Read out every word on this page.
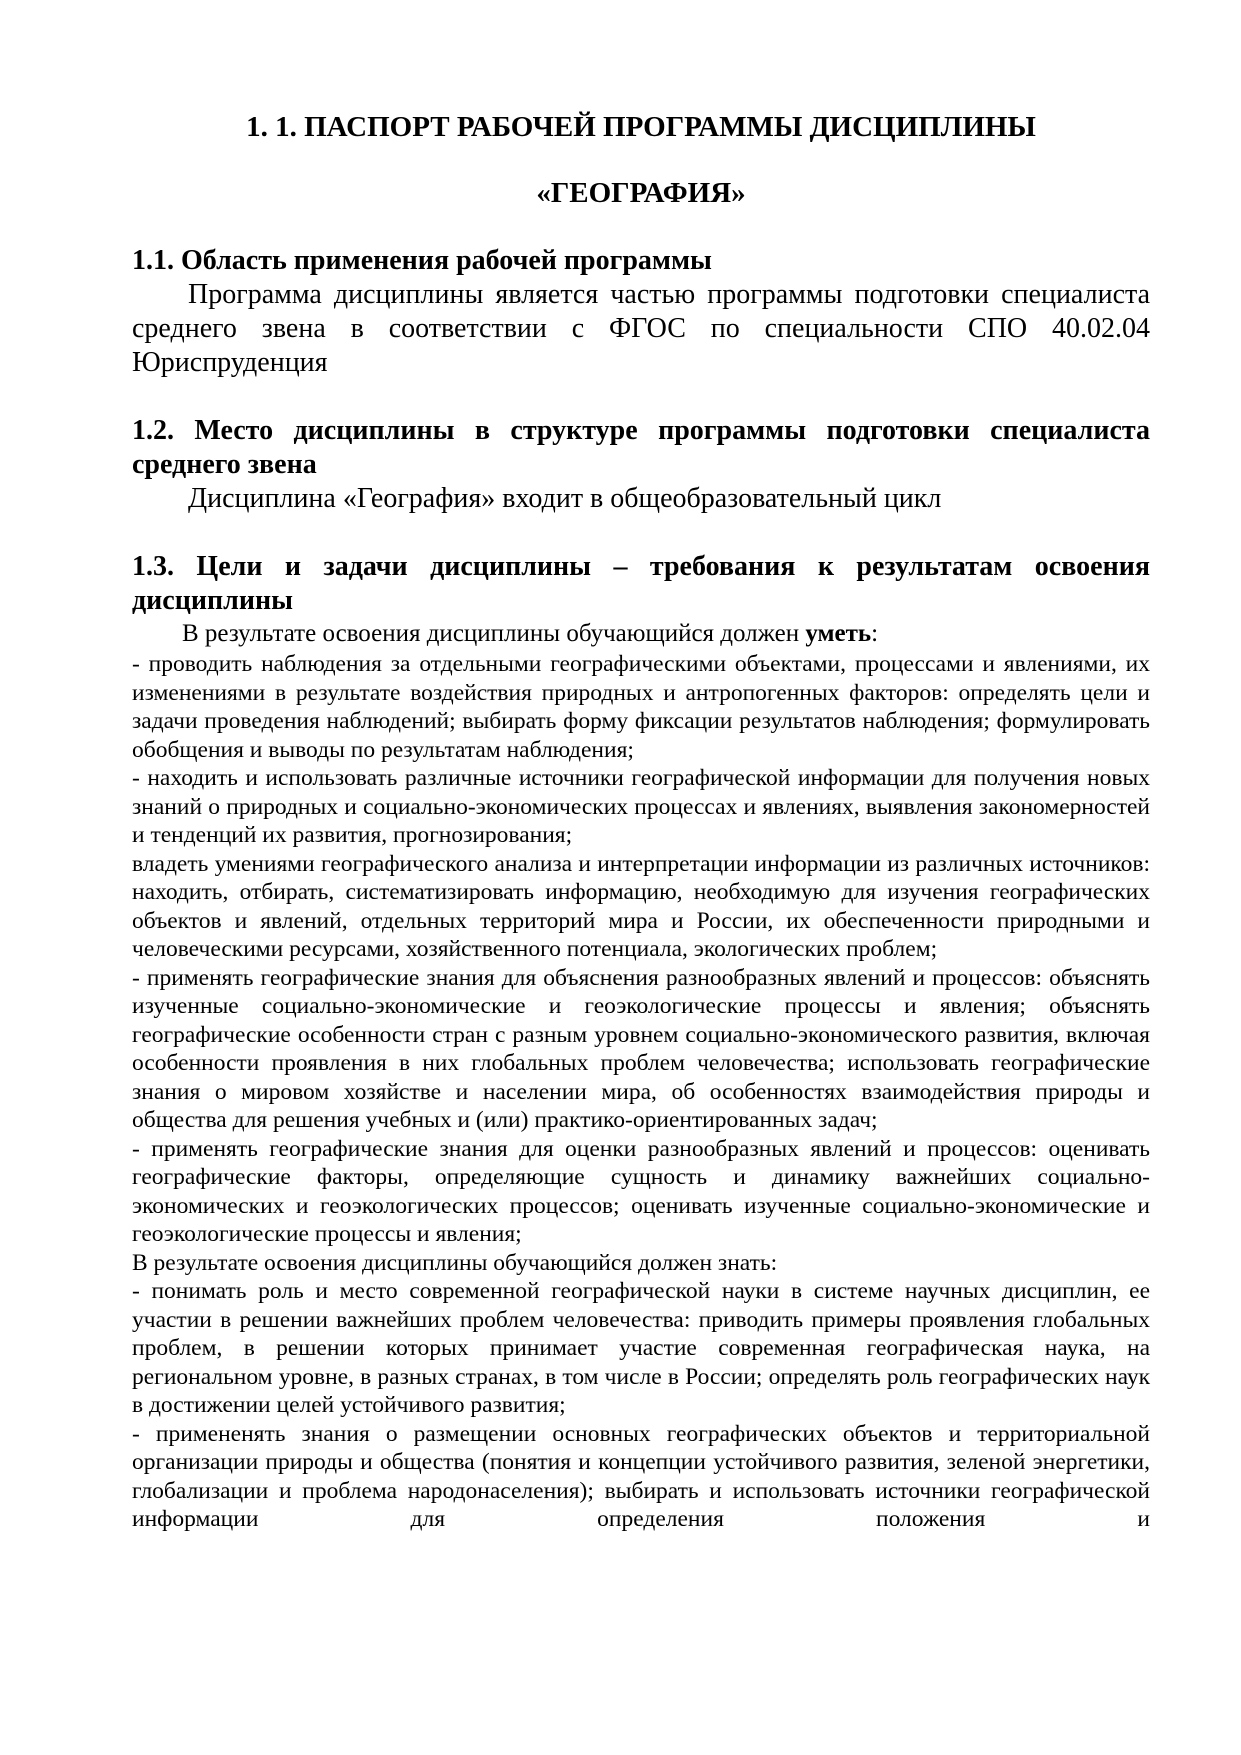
1. 1. ПАСПОРТ РАБОЧЕЙ ПРОГРАММЫ ДИСЦИПЛИНЫ
«ГЕОГРАФИЯ»
1.1. Область применения рабочей программы

Программа дисциплины является частью программы подготовки специалиста среднего звена в соответствии с ФГОС по специальности СПО 40.02.04 Юриспруденция

1.2. Место дисциплины в структуре программы подготовки специалиста среднего звена

Дисциплина «География» входит в общеобразовательный цикл

1.3. Цели и задачи дисциплины – требования к результатам освоения дисциплины

В результате освоения дисциплины обучающийся должен уметь:

- проводить наблюдения за отдельными географическими объектами, процессами и явлениями, их изменениями в результате воздействия природных и антропогенных факторов: определять цели и задачи проведения наблюдений; выбирать форму фиксации результатов наблюдения; формулировать обобщения и выводы по результатам наблюдения;

- находить и использовать различные источники географической информации для получения новых знаний о природных и социально-экономических процессах и явлениях, выявления закономерностей и тенденций их развития, прогнозирования;

владеть умениями географического анализа и интерпретации информации из различных источников: находить, отбирать, систематизировать информацию, необходимую для изучения географических объектов и явлений, отдельных территорий мира и России, их обеспеченности природными и человеческими ресурсами, хозяйственного потенциала, экологических проблем;

- применять географические знания для объяснения разнообразных явлений и процессов: объяснять изученные социально-экономические и геоэкологические процессы и явления; объяснять географические особенности стран с разным уровнем социально-экономического развития, включая особенности проявления в них глобальных проблем человечества; использовать географические знания о мировом хозяйстве и населении мира, об особенностях взаимодействия природы и общества для решения учебных и (или) практико-ориентированных задач;

- применять географические знания для оценки разнообразных явлений и процессов: оценивать географические факторы, определяющие сущность и динамику важнейших социально-экономических и геоэкологических процессов; оценивать изученные социально-экономические и геоэкологические процессы и явления;

В результате освоения дисциплины обучающийся должен знать:

- понимать роль и место современной географической науки в системе научных дисциплин, ее участии в решении важнейших проблем человечества: приводить примеры проявления глобальных проблем, в решении которых принимает участие современная географическая наука, на региональном уровне, в разных странах, в том числе в России; определять роль географических наук в достижении целей устойчивого развития;

- примененять знания о размещении основных географических объектов и территориальной организации природы и общества (понятия и концепции устойчивого развития, зеленой энергетики, глобализации и проблема народонаселения); выбирать и использовать источники географической информации для определения положения и
